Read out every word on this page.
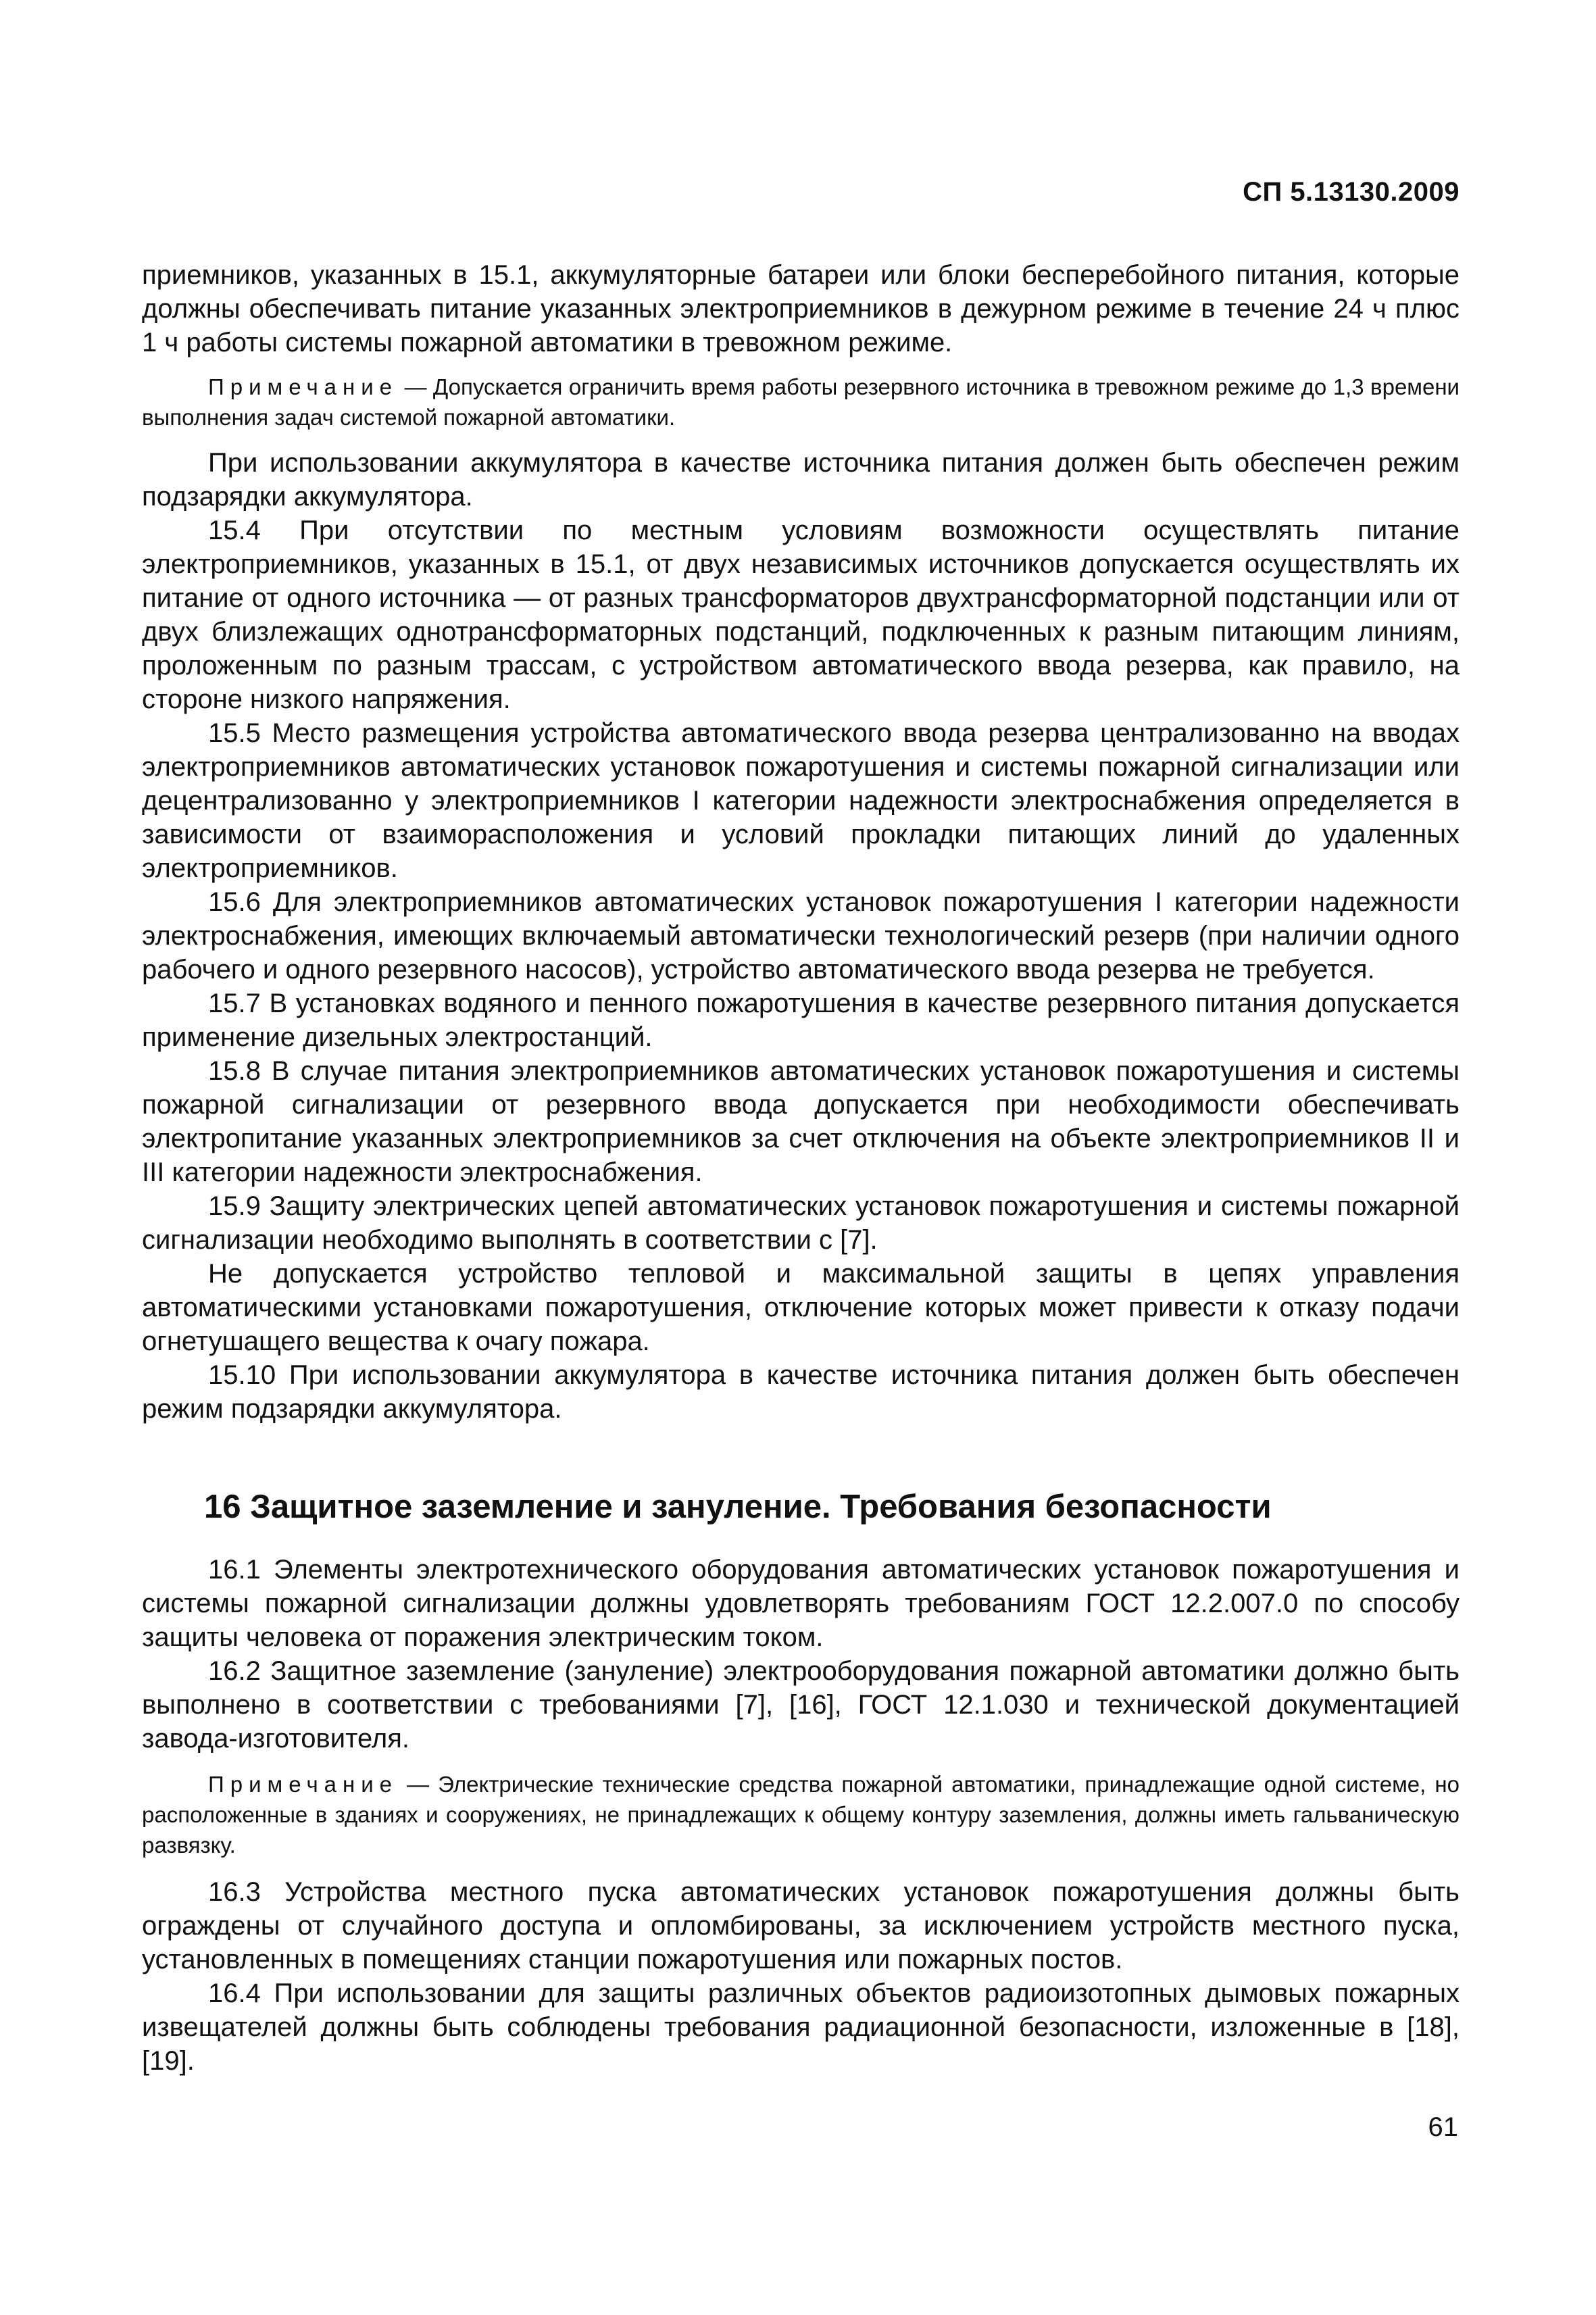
СП 5.13130.2009

приемников, указанных в 15.1, аккумуляторные батареи или блоки бесперебойного питания, которые должны обеспечивать питание указанных электроприемников в дежурном режиме в течение 24 ч плюс 1 ч работы системы пожарной автоматики в тревожном режиме.

Примечание — Допускается ограничить время работы резервного источника в тревожном режиме до 1,3 времени выполнения задач системой пожарной автоматики.

При использовании аккумулятора в качестве источника питания должен быть обеспечен режим подзарядки аккумулятора.

15.4 При отсутствии по местным условиям возможности осуществлять питание электроприемников, указанных в 15.1, от двух независимых источников допускается осуществлять их питание от одного источника — от разных трансформаторов двухтрансформаторной подстанции или от двух близлежащих однотрансформаторных подстанций, подключенных к разным питающим линиям, проложенным по разным трассам, с устройством автоматического ввода резерва, как правило, на стороне низкого напряжения.

15.5 Место размещения устройства автоматического ввода резерва централизованно на вводах электроприемников автоматических установок пожаротушения и системы пожарной сигнализации или децентрализованно у электроприемников I категории надежности электроснабжения определяется в зависимости от взаиморасположения и условий прокладки питающих линий до удаленных электроприемников.

15.6 Для электроприемников автоматических установок пожаротушения I категории надежности электроснабжения, имеющих включаемый автоматически технологический резерв (при наличии одного рабочего и одного резервного насосов), устройство автоматического ввода резерва не требуется.

15.7 В установках водяного и пенного пожаротушения в качестве резервного питания допускается применение дизельных электростанций.

15.8 В случае питания электроприемников автоматических установок пожаротушения и системы пожарной сигнализации от резервного ввода допускается при необходимости обеспечивать электропитание указанных электроприемников за счет отключения на объекте электроприемников II и III категории надежности электроснабжения.

15.9 Защиту электрических цепей автоматических установок пожаротушения и системы пожарной сигнализации необходимо выполнять в соответствии с [7].

Не допускается устройство тепловой и максимальной защиты в цепях управления автоматическими установками пожаротушения, отключение которых может привести к отказу подачи огнетушащего вещества к очагу пожара.

15.10 При использовании аккумулятора в качестве источника питания должен быть обеспечен режим подзарядки аккумулятора.

16 Защитное заземление и зануление. Требования безопасности

16.1 Элементы электротехнического оборудования автоматических установок пожаротушения и системы пожарной сигнализации должны удовлетворять требованиям ГОСТ 12.2.007.0 по способу защиты человека от поражения электрическим током.

16.2 Защитное заземление (зануление) электрооборудования пожарной автоматики должно быть выполнено в соответствии с требованиями [7], [16], ГОСТ 12.1.030 и технической документацией завода-изготовителя.

Примечание — Электрические технические средства пожарной автоматики, принадлежащие одной системе, но расположенные в зданиях и сооружениях, не принадлежащих к общему контуру заземления, должны иметь гальваническую развязку.

16.3 Устройства местного пуска автоматических установок пожаротушения должны быть ограждены от случайного доступа и опломбированы, за исключением устройств местного пуска, установленных в помещениях станции пожаротушения или пожарных постов.

16.4 При использовании для защиты различных объектов радиоизотопных дымовых пожарных извещателей должны быть соблюдены требования радиационной безопасности, изложенные в [18], [19].

61
